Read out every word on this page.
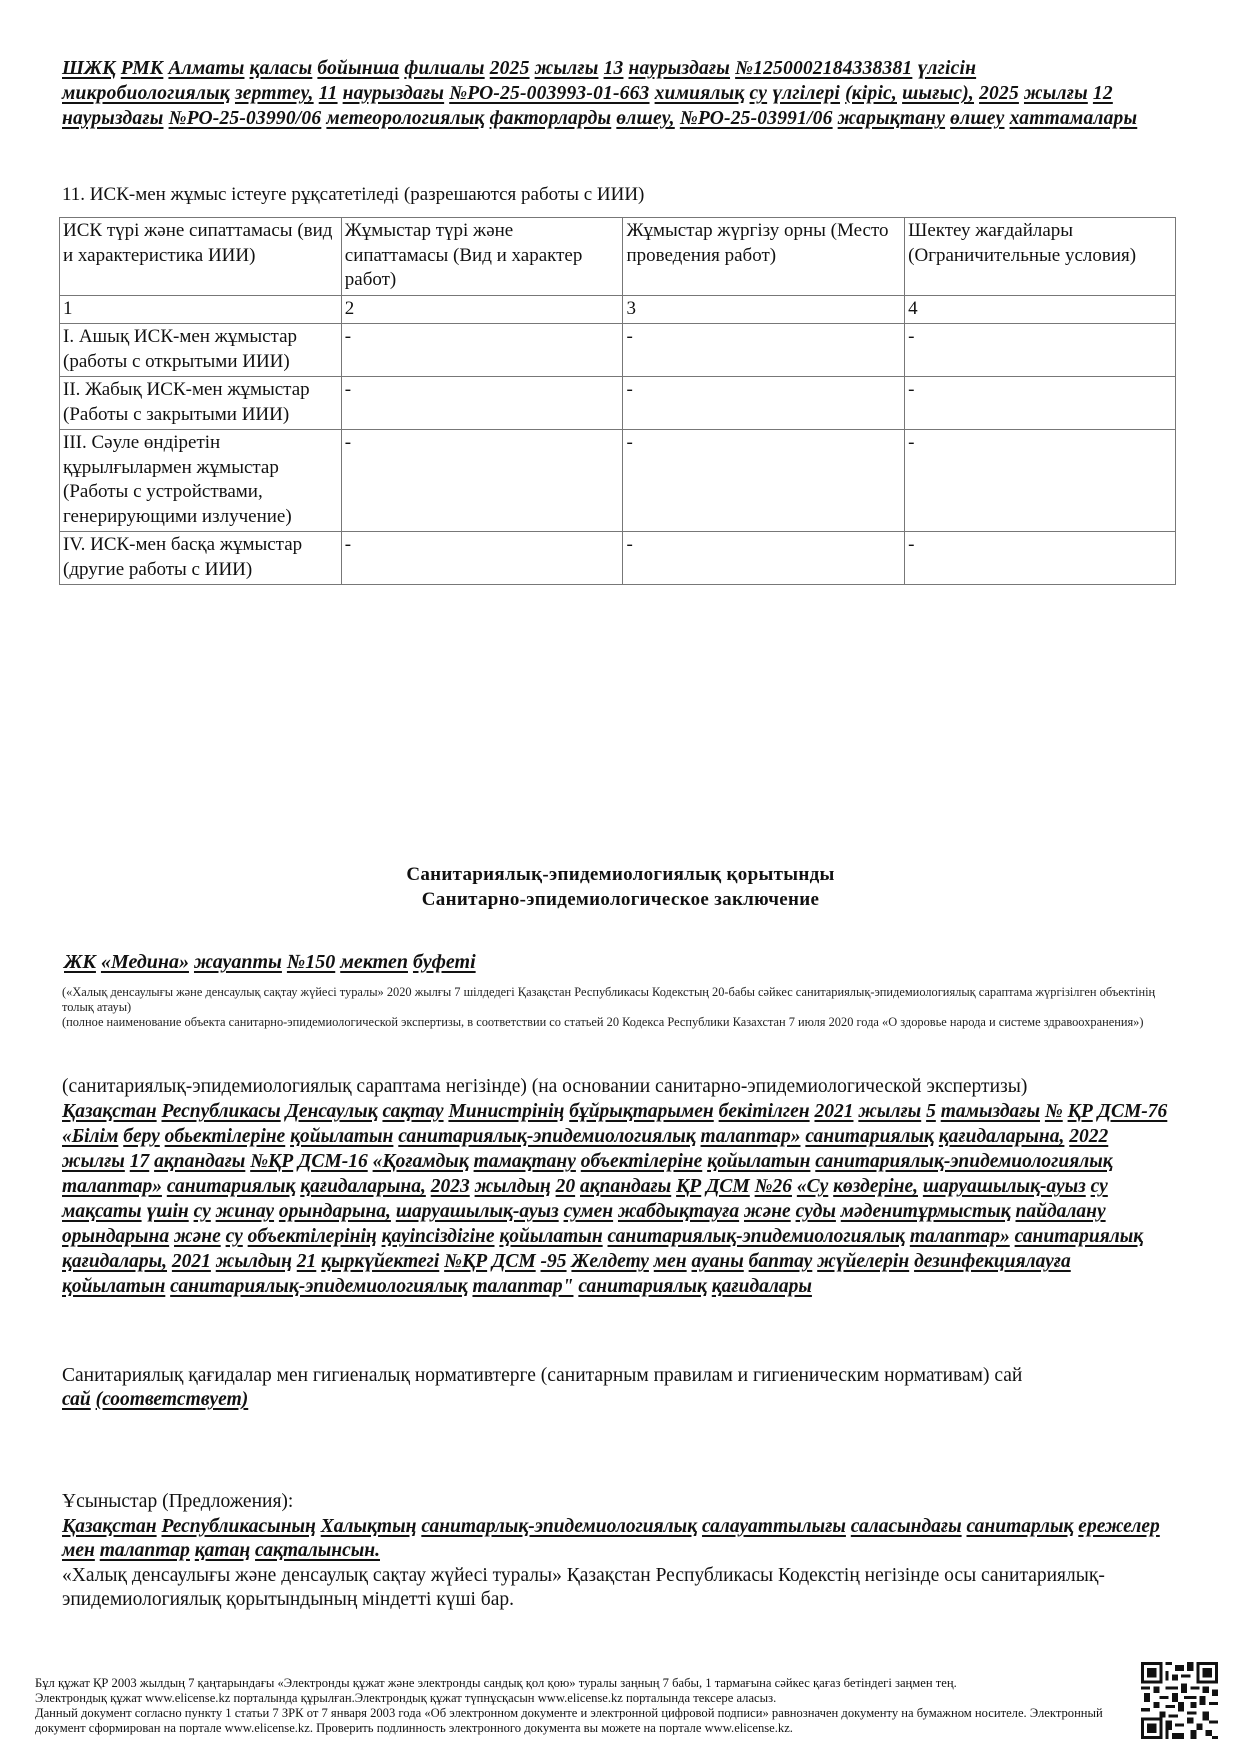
ШЖҚ РМК Алматы қаласы бойынша филиалы 2025 жылғы 13 наурыздағы №1250002184338381 үлгісін микробиологиялық зерттеу, 11 наурыздағы №РО-25-003993-01-663 химиялық су үлгілері (кіріс, шығыс), 2025 жылғы 12 наурыздағы №РО-25-03990/06 метеорологиялық факторларды өлшеу, №РО-25-03991/06 жарықтану өлшеу хаттамалары
11. ИСК-мен жұмыс істеуге рұқсатетіледі (разрешаются работы с ИИИ)
ИСК түрі және сипаттамасы (вид и характеристика ИИИ)	Жұмыстар түрі және сипаттамасы (Вид и характер работ)	Жұмыстар жүргізу орны (Место проведения работ)	Шектеу жағдайлары (Ограничительные условия)
1	2	3	4
I. Ашық ИСК-мен жұмыстар (работы с открытыми ИИИ)	-	-	-
II. Жабық ИСК-мен жұмыстар (Работы с закрытыми ИИИ)	-	-	-
III. Сәуле өндіретін құрылғылармен жұмыстар (Работы с устройствами, генерирующими излучение)	-	-	-
IV. ИСК-мен басқа жұмыстар (другие работы с ИИИ)	-	-	-
Санитариялық-эпидемиологиялық қорытынды
Санитарно-эпидемиологическое заключение
ЖК «Медина» жауапты №150 мектеп буфеті
(«Халық денсаулығы және денсаулық сақтау жүйесі туралы» 2020 жылғы 7 шілдедегі Қазақстан Республикасы Кодекстың 20-бабы сәйкес санитариялық-эпидемиологиялық сараптама жүргізілген объектінің толық атауы)
(полное наименование объекта санитарно-эпидемиологической экспертизы, в соответствии со статьей 20 Кодекса Республики Казахстан 7 июля 2020 года «О здоровье народа и системе здравоохранения»)
(санитариялық-эпидемиологиялық сараптама негізінде) (на основании санитарно-эпидемиологической экспертизы)
Қазақстан Республикасы Денсаулық сақтау Министрінің бұйрықтарымен бекітілген 2021 жылғы 5 тамыздағы № ҚР ДСМ-76 «Білім беру обьектілеріне қойылатын санитариялық-эпидемиологиялық талаптар» санитариялық қағидаларына, 2022 жылғы 17 ақпандағы №ҚР ДСМ-16 «Қоғамдық тамақтану объектілеріне қойылатын санитариялық-эпидемиологиялық талаптар» санитариялық қағидаларына, 2023 жылдың 20 ақпандағы ҚР ДСМ №26 «Су көздеріне, шаруашылық-ауыз су мақсаты үшін су жинау орындарына, шаруашылық-ауыз сумен жабдықтауға және суды мәденитұрмыстық пайдалану орындарына және су объектілерінің қауіпсіздігіне қойылатын санитариялық-эпидемиологиялық талаптар» санитариялық қағидалары, 2021 жылдың 21 қыркүйектегі №ҚР ДСМ -95 Желдету мен ауаны баптау жүйелерін дезинфекциялауға қойылатын санитариялық-эпидемиологиялық талаптар" санитариялық қағидалары
Санитариялық қағидалар мен гигиеналық нормативтерге (санитарным правилам и гигиеническим нормативам) сай
сай (соответствует)
Ұсыныстар (Предложения):
Қазақстан Республикасының Халықтың санитарлық-эпидемиологиялық салауаттылығы саласындағы санитарлық ережелер мен талаптар қатаң сақталынсын.
«Халық денсаулығы және денсаулық сақтау жүйесі туралы» Қазақстан Республикасы Кодекстің негізінде осы санитариялық-эпидемиологиялық қорытындының міндетті күші бар.
Бұл құжат ҚР 2003 жылдың 7 қаңтарындағы «Электронды құжат және электронды сандық қол қою» туралы заңның 7 бабы, 1 тармағына сәйкес қағаз бетіндегі заңмен тең.
Электрондық құжат www.elicense.kz порталында құрылған.Электрондық құжат түпнұсқасын www.elicense.kz порталында тексере аласыз.
Данный документ согласно пункту 1 статьи 7 ЗРК от 7 января 2003 года «Об электронном документе и электронной цифровой подписи» равнозначен документу на бумажном носителе. Электронный документ сформирован на портале www.elicense.kz. Проверить подлинность электронного документа вы можете на портале www.elicense.kz.
